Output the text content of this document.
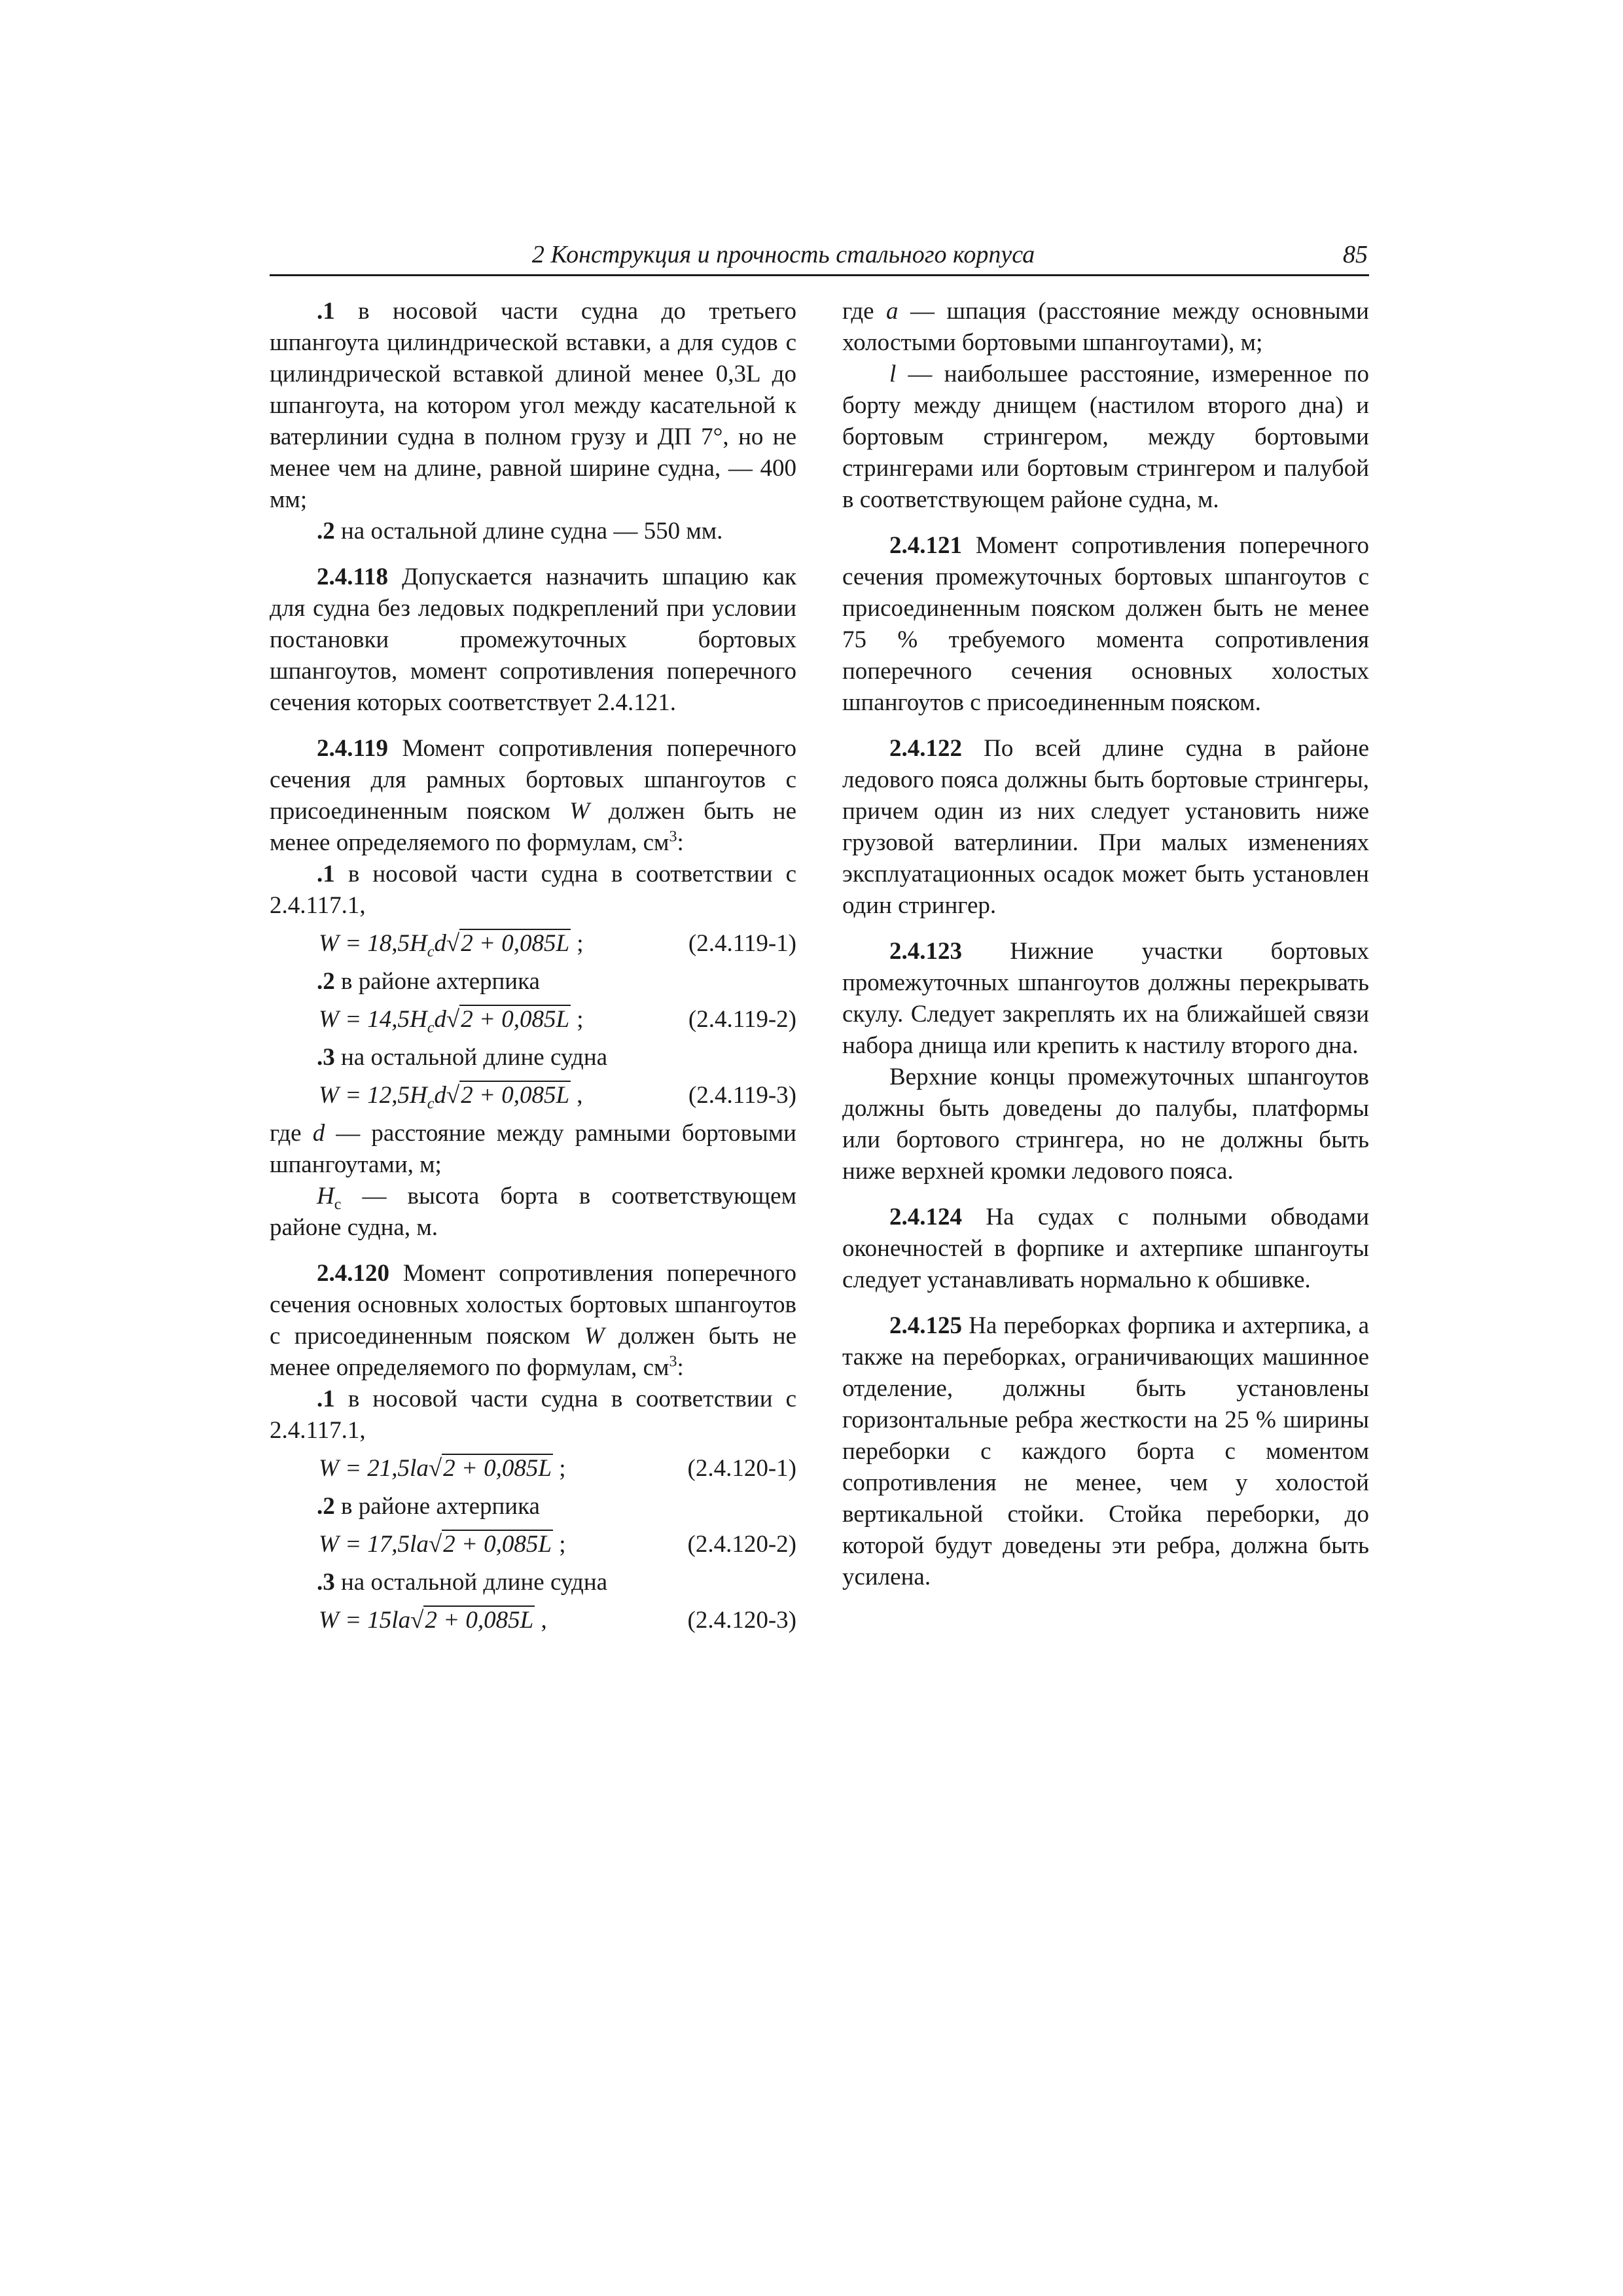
2 Конструкция и прочность стального корпуса	85

.1 в носовой части судна до третьего шпангоута цилиндрической вставки, а для судов с цилиндрической вставкой длиной менее 0,3L до шпангоута, на котором угол между касательной к ватерлинии судна в полном грузу и ДП 7°, но не менее чем на длине, равной ширине судна, — 400 мм;

.2 на остальной длине судна — 550 мм.

2.4.118 Допускается назначить шпацию как для судна без ледовых подкреплений при условии постановки промежуточных бортовых шпангоутов, момент сопротивления поперечного сечения которых соответствует 2.4.121.

2.4.119 Момент сопротивления поперечного сечения для рамных бортовых шпангоутов с присоединенным пояском W должен быть не менее определяемого по формулам, $см^3$:

.1 в носовой части судна в соответствии с 2.4.117.1,

$W = 18,5H_cd√2 + 0,085L$ ;	(2.4.119-1)

.2 в районе ахтерпика

$W = 14,5H_cd√2 + 0,085L$ ;	(2.4.119-2)

.3 на остальной длине судна

$W = 12,5H_cd√2 + 0,085L$ ,	(2.4.119-3)

где d — расстояние между рамными бортовыми шпангоутами, м;

$H_c$ — высота борта в соответствующем районе судна, м.

2.4.120 Момент сопротивления поперечного сечения основных холостых бортовых шпангоутов с присоединенным пояском W должен быть не менее определяемого по формулам, $см^3$:

.1 в носовой части судна в соответствии с 2.4.117.1,

W = 21,5la√2 + 0,085L ;	(2.4.120-1)

.2 в районе ахтерпика

W = 17,5la√2 + 0,085L ;	(2.4.120-2)

.3 на остальной длине судна

W = 15la√2 + 0,085L ,	(2.4.120-3)

где a — шпация (расстояние между основными холостыми бортовыми шпангоутами), м;

l — наибольшее расстояние, измеренное по борту между днищем (настилом второго дна) и бортовым стрингером, между бортовыми стрингерами или бортовым стрингером и палубой в соответствующем районе судна, м.

2.4.121 Момент сопротивления поперечного сечения промежуточных бортовых шпангоутов с присоединенным пояском должен быть не менее 75 % требуемого момента сопротивления поперечного сечения основных холостых шпангоутов с присоединенным пояском.

2.4.122 По всей длине судна в районе ледового пояса должны быть бортовые стрингеры, причем один из них следует установить ниже грузовой ватерлинии. При малых изменениях эксплуатационных осадок может быть установлен один стрингер.

2.4.123 Нижние участки бортовых промежуточных шпангоутов должны перекрывать скулу. Следует закреплять их на ближайшей связи набора днища или крепить к настилу второго дна.

Верхние концы промежуточных шпангоутов должны быть доведены до палубы, платформы или бортового стрингера, но не должны быть ниже верхней кромки ледового пояса.

2.4.124 На судах с полными обводами оконечностей в форпике и ахтерпике шпангоуты следует устанавливать нормально к обшивке.

2.4.125 На переборках форпика и ахтерпика, а также на переборках, ограничивающих машинное отделение, должны быть установлены горизонтальные ребра жесткости на 25 % ширины переборки с каждого борта с моментом сопротивления не менее, чем у холостой вертикальной стойки. Стойка переборки, до которой будут доведены эти ребра, должна быть усилена.
